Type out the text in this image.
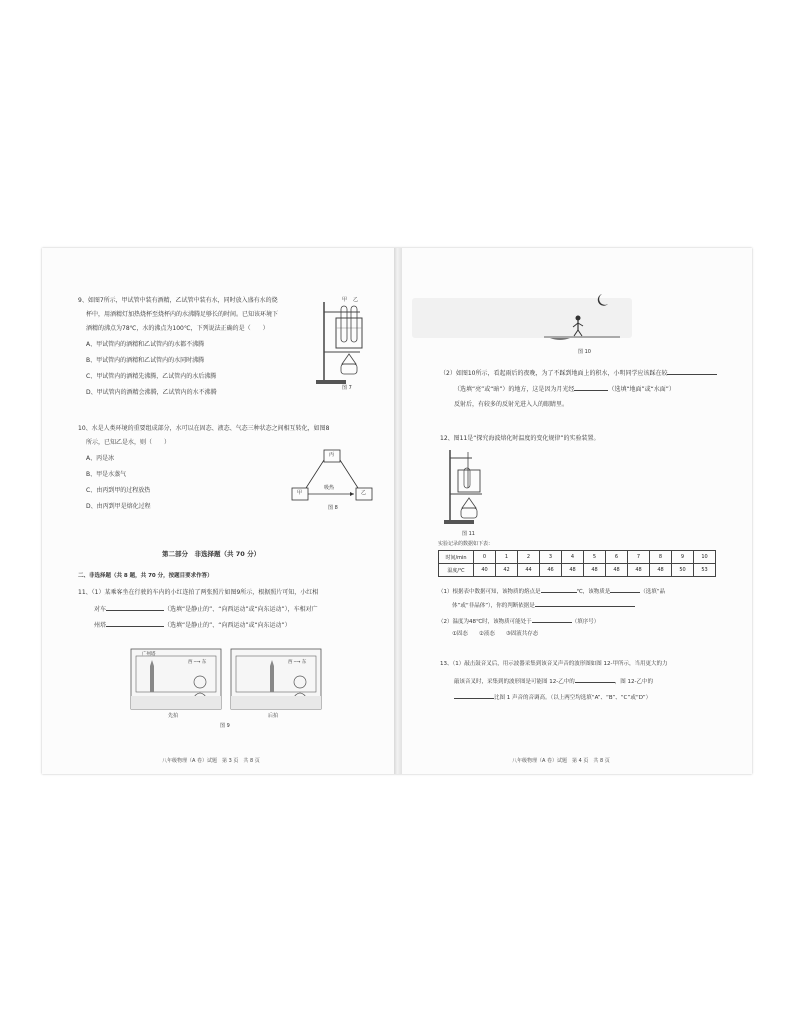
9、如图7所示，甲试管中装有酒精，乙试管中装有水，同时放入盛有水的烧
杯中，用酒精灯加热烧杯至烧杯内的水沸腾足够长的时间。已知该环境下
酒精的沸点为78℃，水的沸点为100℃，下列说法正确的是（　　）
A、甲试管内的酒精和乙试管内的水都不沸腾
B、甲试管内的酒精和乙试管内的水同时沸腾
C、甲试管内的酒精先沸腾，乙试管内的水后沸腾
D、甲试管内的酒精会沸腾，乙试管内的水不沸腾
甲 乙
图 7
10、水是人类环境的重要组成部分，水可以在固态、液态、气态三种状态之间相互转化，如图8
所示，已知乙是水，则（　　）
A、丙是冰
B、甲是水蒸气
C、由丙到甲的过程放热
D、由丙到甲是熔化过程
丙
甲	乙
吸热
图 8
第二部分　非选择题（共 70 分）
二、非选择题（共 8 题，共 70 分，按题目要求作答）
11、（1）某乘客坐在行驶的车内的小红连拍了两张照片如图9所示，根据照片可知，小红相
对车	（选填“是静止的”、“向西运动”或“向东运动”），车相对广
州塔	（选填“是静止的”、“向西运动”或“向东运动”）
广州塔
西 ─→ 东	西 ─→ 东
先拍	后拍
图 9
八年级物理（A 卷）试题　第 3 页　共 8 页
图 10
（2）如图10所示，看起雨后的夜晚，为了不踩到地面上的积水，小明同学应该踩在较
（选填“亮”或“暗”）的地方，这是因为月光经	（选填“地面”或“水面”）
反射后，有较多的反射光进入人的眼睛里。
12、图11是“探究海波熔化时温度的变化规律”的实验装置。
图 11
实验记录的数据如下表：
时间/min	0	1	2	3	4	5	6	7	8	9	10
温度/℃	40	42	44	46	48	48	48	48	48	50	53
（1）根据表中数据可知，该物质的熔点是	℃，该物质是	（选填“晶
体”或“非晶体”），你的判断依据是
（2）温度为48℃时，该物质可能处于	（填序号）
①固态　　②液态　　③固液共存态
13、（1）敲击鼓音叉后，用示波器采集到该音叉声音的波形图如图 12-甲所示，当用更大的力
敲该音叉时，采集到的波形图是可能图 12-乙中的	，图 12-乙中的
比图 1 声音的音调高。（以上两空均选填“A”、“B”、“C”或“D”）
八年级物理（A 卷）试题　第 4 页　共 8 页
